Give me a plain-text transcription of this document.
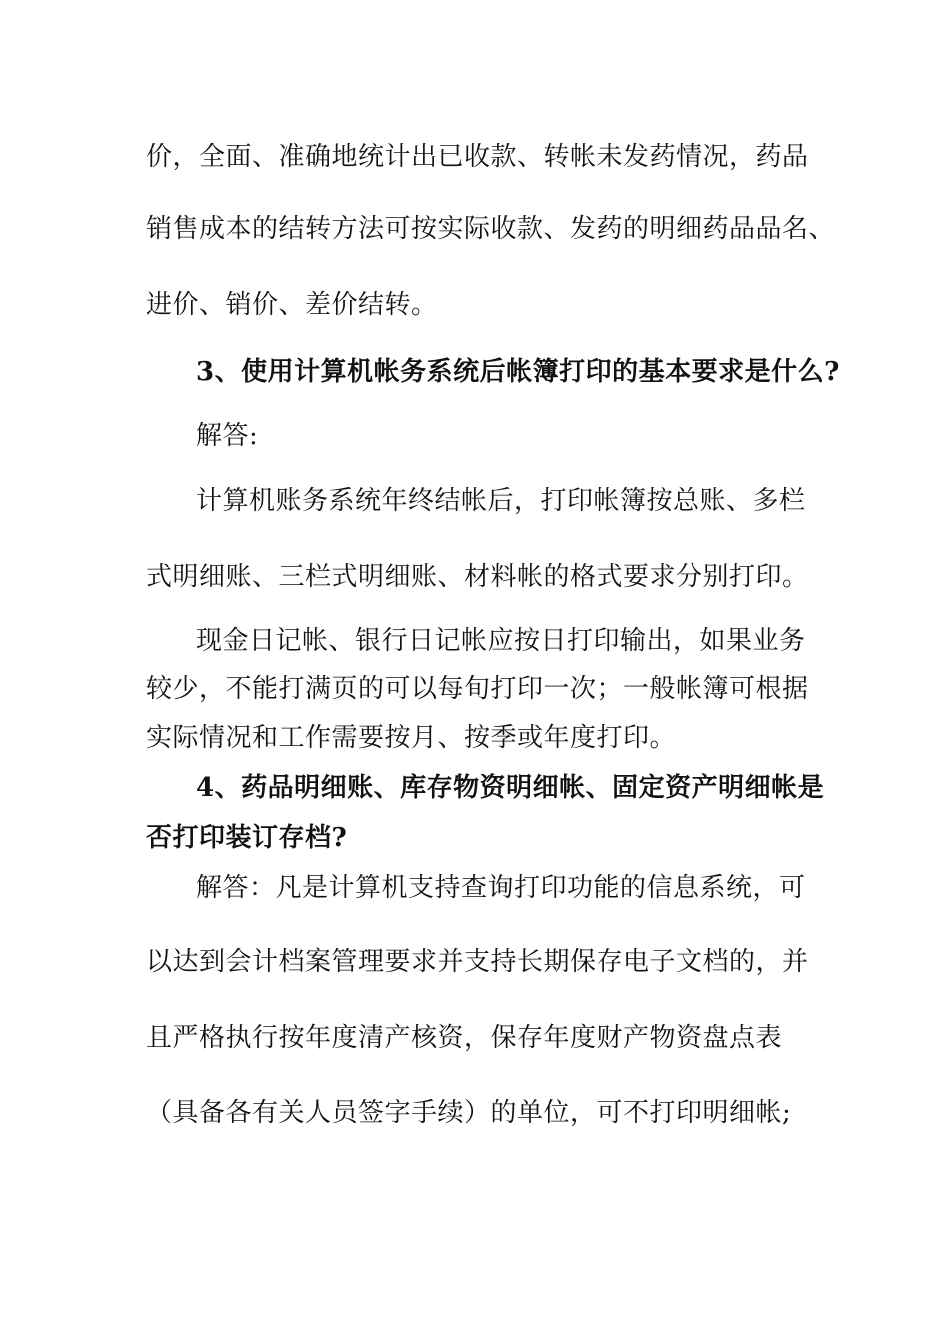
价，全面、准确地统计出已收款、转帐未发药情况，药品
销售成本的结转方法可按实际收款、发药的明细药品品名、
进价、销价、差价结转。
3、使用计算机帐务系统后帐簿打印的基本要求是什么?
解答:
计算机账务系统年终结帐后，打印帐簿按总账、多栏
式明细账、三栏式明细账、材料帐的格式要求分别打印。
现金日记帐、银行日记帐应按日打印输出，如果业务
较少，不能打满页的可以每旬打印一次；一般帐簿可根据
实际情况和工作需要按月、按季或年度打印。
4、药品明细账、库存物资明细帐、固定资产明细帐是
否打印装订存档?
解答：凡是计算机支持查询打印功能的信息系统，可
以达到会计档案管理要求并支持长期保存电子文档的，并
且严格执行按年度清产核资，保存年度财产物资盘点表
（具备各有关人员签字手续）的单位，可不打印明细帐;
